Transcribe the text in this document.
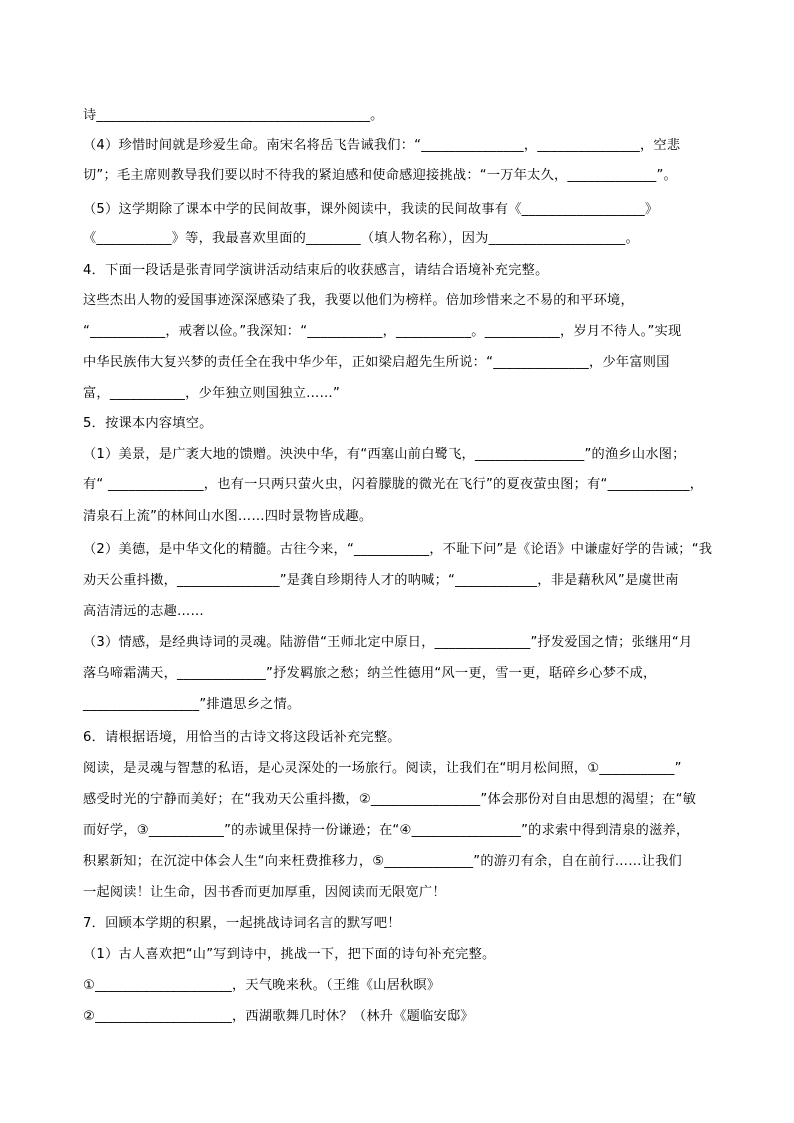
诗________________________________________。
（4）珍惜时间就是珍爱生命。南宋名将岳飞告诫我们：“_______________，_______________，空悲
切”；毛主席则教导我们要以时不待我的紧迫感和使命感迎接挑战：“一万年太久，_____________”。
（5）这学期除了课本中学的民间故事，课外阅读中，我读的民间故事有《__________________》
《___________》等，我最喜欢里面的________（填人物名称），因为____________________。
4．下面一段话是张青同学演讲活动结束后的收获感言，请结合语境补充完整。
这些杰出人物的爱国事迹深深感染了我，我要以他们为榜样。倍加珍惜来之不易的和平环境，
“___________，戒奢以俭。”我深知：“___________，___________。___________，岁月不待人。”实现
中华民族伟大复兴梦的责任全在我中华少年，正如梁启超先生所说：“______________，少年富则国
富，___________，少年独立则国独立……”
5．按课本内容填空。
（1）美景，是广袤大地的馈赠。泱泱中华，有“西塞山前白鹭飞，________________”的渔乡山水图；
有“ ______________，也有一只两只萤火虫，闪着朦胧的微光在飞行”的夏夜萤虫图；有“____________，
清泉石上流”的林间山水图……四时景物皆成趣。
（2）美德，是中华文化的精髓。古往今来，“___________，不耻下问”是《论语》中谦虚好学的告诫；“我
劝天公重抖擞，_______________”是龚自珍期待人才的呐喊；“____________，非是藉秋风”是虞世南
高洁清远的志趣……
（3）情感，是经典诗词的灵魂。陆游借“王师北定中原日，______________”抒发爱国之情；张继用“月
落乌啼霜满天，_____________”抒发羁旅之愁；纳兰性德用“风一更，雪一更，聒碎乡心梦不成，
_________________”排遣思乡之情。
6．请根据语境，用恰当的古诗文将这段话补充完整。
阅读，是灵魂与智慧的私语，是心灵深处的一场旅行。阅读，让我们在“明月松间照，①___________”
感受时光的宁静而美好；在“我劝天公重抖擞，②________________”体会那份对自由思想的渴望；在“敏
而好学，③___________”的赤诚里保持一份谦逊；在“④________________”的求索中得到清泉的滋养，
积累新知；在沉淀中体会人生“向来枉费推移力，⑤_____________”的游刃有余，自在前行……让我们
一起阅读！让生命，因书香而更加厚重，因阅读而无限宽广！
7．回顾本学期的积累，一起挑战诗词名言的默写吧！
（1）古人喜欢把“山”写到诗中，挑战一下，把下面的诗句补充完整。
①____________________，天气晚来秋。（王维《山居秋暝》
②____________________，西湖歌舞几时休？（林升《题临安邸》
